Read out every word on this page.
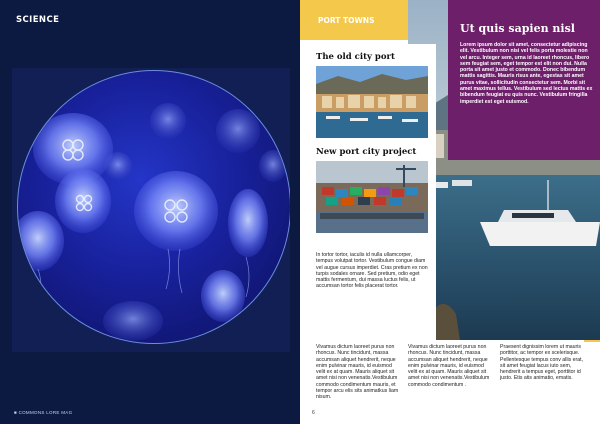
SCIENCE
■ COMMONS LORE MAG
PORT TOWNS
Ut quis sapien nisl
Lorem ipsum dolor sit amet, consectetur adipiscing elit. Vestibulum non nisi vel felis porta molestie non vel arcu. Integer sem, urna id laoreet rhoncus, libero sem feugiat sem, eget tempor est elit non dui. Nulla porta sit amet justo et commodo. Donec bibendum mattis sagittis. Mauris risus ante, egestas sit amet purus vitae, sollicitudin consectetur sem. Morbi sit amet maximus tellus. Vestibulum sed lectus mattis ex bibendum feugiat eu quis nunc. Vestibulum fringilla imperdiet est eget euismod.
The old city port
New port city project
In tortor tortor, iaculis id nulla ullamcorper, tempus volutpat tortor. Vestibulum congue diam vel augue cursus imperdiet. Cras pretium ex non turpis sodales ornare. Sed pretium, odio eget mattis fermentum, dui massa luctus felis, ut accumsan tortor felis placerat tortor.
Vivamus dictum laoreet purus non rhoncus. Nunc tincidunt, massa accumsan aliquet hendrerit, neque enim pulvinar mauris, id euismod velit ex at quam. Mauris aliquet sit amet nisi non venenatis.Vestibulum commodo condimentum mauris, et tempor arcu elis sits animatkus liam nisum.
Vivamus dictum laoreet purus non rhoncus. Nunc tincidunt, massa accumsan aliquet hendrerit, neque enim pulvinar mauris, id euismod velit ex at quam. Mauris aliquet sit amet nisi non venenatis.Vestibulum commodo condimentum .
Praesent dignissim lorem ut mauris porttitor, ac tempor ex scelerisque. Pellentesque tempus conv allis erat, sit amet feugiat lacus iuto sem, hendrerit a tempus eget, porttitor id justo. Etis atis animatio, ematis.
6
